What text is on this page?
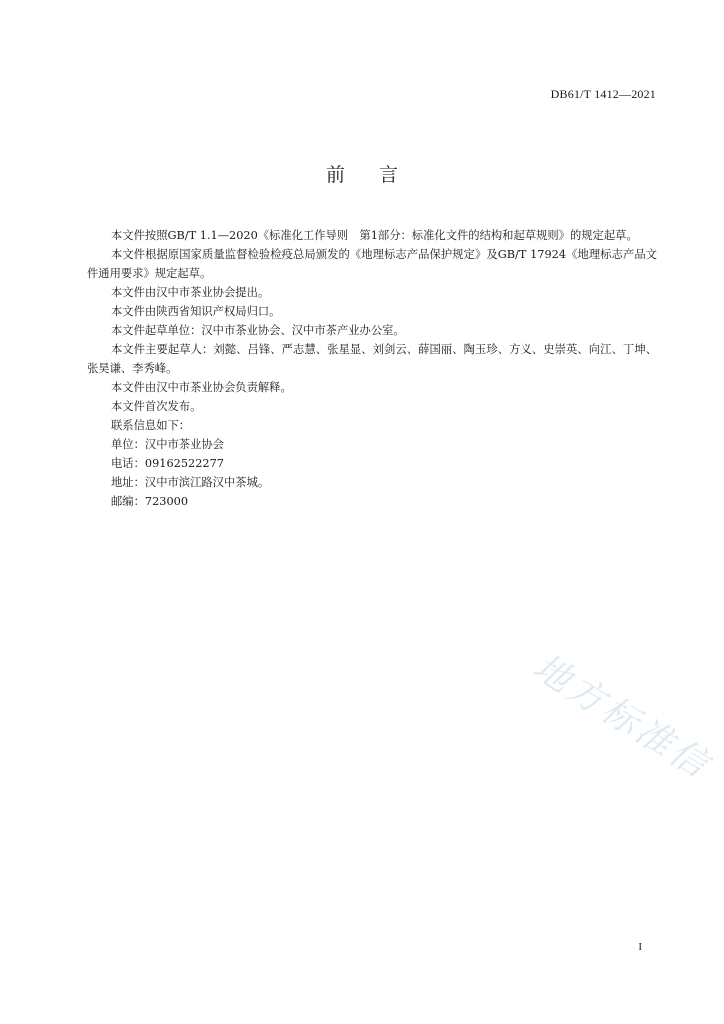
DB61/T 1412—2021
前言

本文件按照GB/T 1.1—2020《标准化工作导则　第1部分：标准化文件的结构和起草规则》的规定起草。

本文件根据原国家质量监督检验检疫总局颁发的《地理标志产品保护规定》及GB/T 17924《地理标志产品文件通用要求》规定起草。

本文件由汉中市茶业协会提出。

本文件由陕西省知识产权局归口。

本文件起草单位：汉中市茶业协会、汉中市茶产业办公室。

本文件主要起草人：刘懿、吕锋、严志慧、张星显、刘剑云、薛国丽、陶玉珍、方义、史崇英、向江、丁坤、张昊谦、李秀峰。

本文件由汉中市茶业协会负责解释。

本文件首次发布。

联系信息如下：

单位：汉中市茶业协会

电话：09162522277

地址：汉中市滨江路汉中茶城。

邮编：723000

地方标准信
I
